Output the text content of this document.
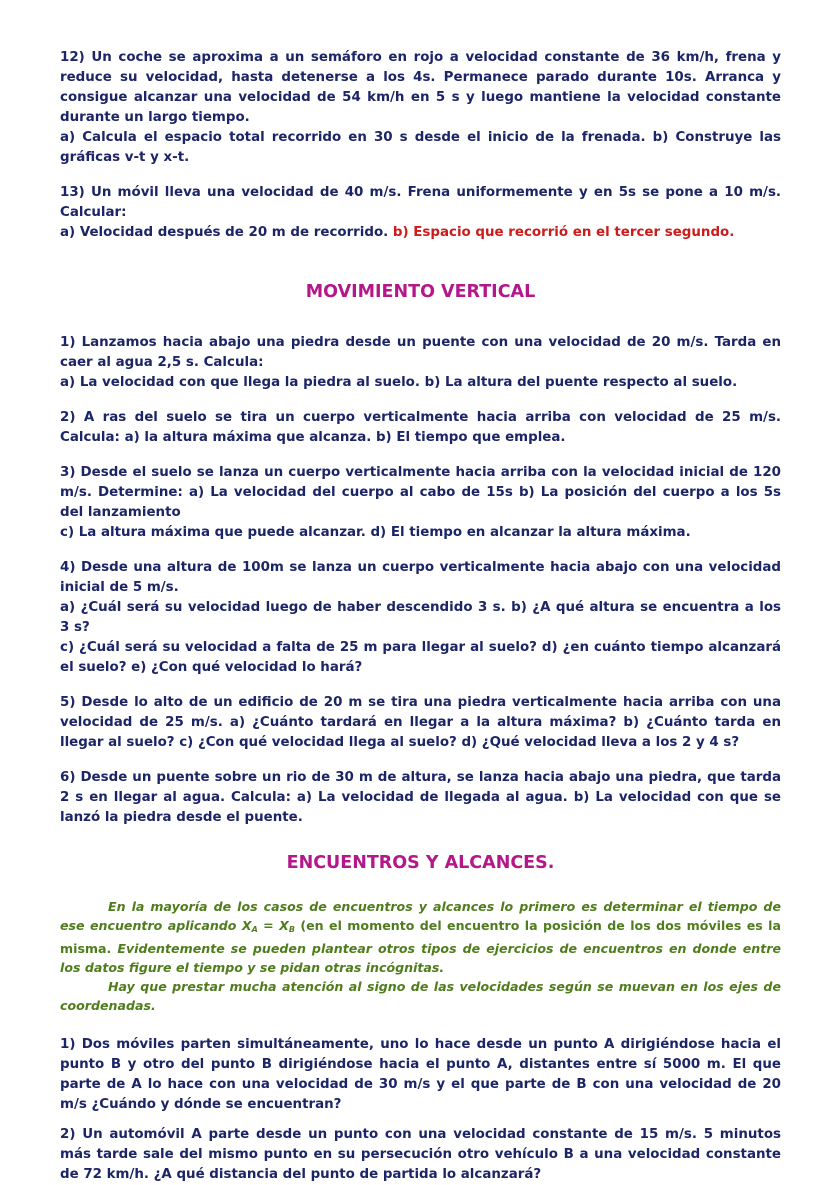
12) Un coche se aproxima a un semáforo en rojo a velocidad constante de 36 km/h, frena y reduce su velocidad, hasta detenerse a los 4s. Permanece parado durante 10s. Arranca y consigue alcanzar una velocidad de 54 km/h en 5 s y luego mantiene la velocidad constante durante un largo tiempo.

a) Calcula el espacio total recorrido en 30 s desde el inicio de la frenada. b) Construye las gráficas v-t y x-t.

13) Un móvil lleva una velocidad de 40 m/s. Frena uniformemente y en 5s se pone a 10 m/s. Calcular:

a) Velocidad después de 20 m de recorrido. b) Espacio que recorrió en el tercer segundo.

MOVIMIENTO VERTICAL

1) Lanzamos hacia abajo una piedra desde un puente con una velocidad de 20 m/s. Tarda en caer al agua 2,5 s. Calcula:

a) La velocidad con que llega la piedra al suelo. b) La altura del puente respecto al suelo.

2) A ras del suelo se tira un cuerpo verticalmente hacia arriba con velocidad de 25 m/s. Calcula: a) la altura máxima que alcanza. b) El tiempo que emplea.

3) Desde el suelo se lanza un cuerpo verticalmente hacia arriba con la velocidad inicial de 120 m/s. Determine: a) La velocidad del cuerpo al cabo de 15s b) La posición del cuerpo a los 5s del lanzamiento

c) La altura máxima que puede alcanzar. d) El tiempo en alcanzar la altura máxima.

4) Desde una altura de 100m se lanza un cuerpo verticalmente hacia abajo con una velocidad inicial de 5 m/s.

a) ¿Cuál será su velocidad luego de haber descendido 3 s. b) ¿A qué altura se encuentra a los 3 s?

c) ¿Cuál será su velocidad a falta de 25 m para llegar al suelo? d) ¿en cuánto tiempo alcanzará el suelo? e) ¿Con qué velocidad lo hará?

5) Desde lo alto de un edificio de 20 m se tira una piedra verticalmente hacia arriba con una velocidad de 25 m/s. a) ¿Cuánto tardará en llegar a la altura máxima? b) ¿Cuánto tarda en llegar al suelo? c) ¿Con qué velocidad llega al suelo? d) ¿Qué velocidad lleva a los 2 y 4 s?

6) Desde un puente sobre un rio de 30 m de altura, se lanza hacia abajo una piedra, que tarda 2 s en llegar al agua. Calcula: a) La velocidad de llegada al agua. b) La velocidad con que se lanzó la piedra desde el puente.

ENCUENTROS Y ALCANCES.

En la mayoría de los casos de encuentros y alcances lo primero es determinar el tiempo de ese encuentro aplicando $X_A = X_B$ (en el momento del encuentro la posición de los dos móviles es la misma. Evidentemente se pueden plantear otros tipos de ejercicios de encuentros en donde entre los datos figure el tiempo y se pidan otras incógnitas.

Hay que prestar mucha atención al signo de las velocidades según se muevan en los ejes de coordenadas.

1) Dos móviles parten simultáneamente, uno lo hace desde un punto A dirigiéndose hacia el punto B y otro del punto B dirigiéndose hacia el punto A, distantes entre sí 5000 m. El que parte de A lo hace con una velocidad de 30 m/s y el que parte de B con una velocidad de 20 m/s ¿Cuándo y dónde se encuentran?

2) Un automóvil A parte desde un punto con una velocidad constante de 15 m/s. 5 minutos más tarde sale del mismo punto en su persecución otro vehículo B a una velocidad constante de 72 km/h. ¿A qué distancia del punto de partida lo alcanzará?
